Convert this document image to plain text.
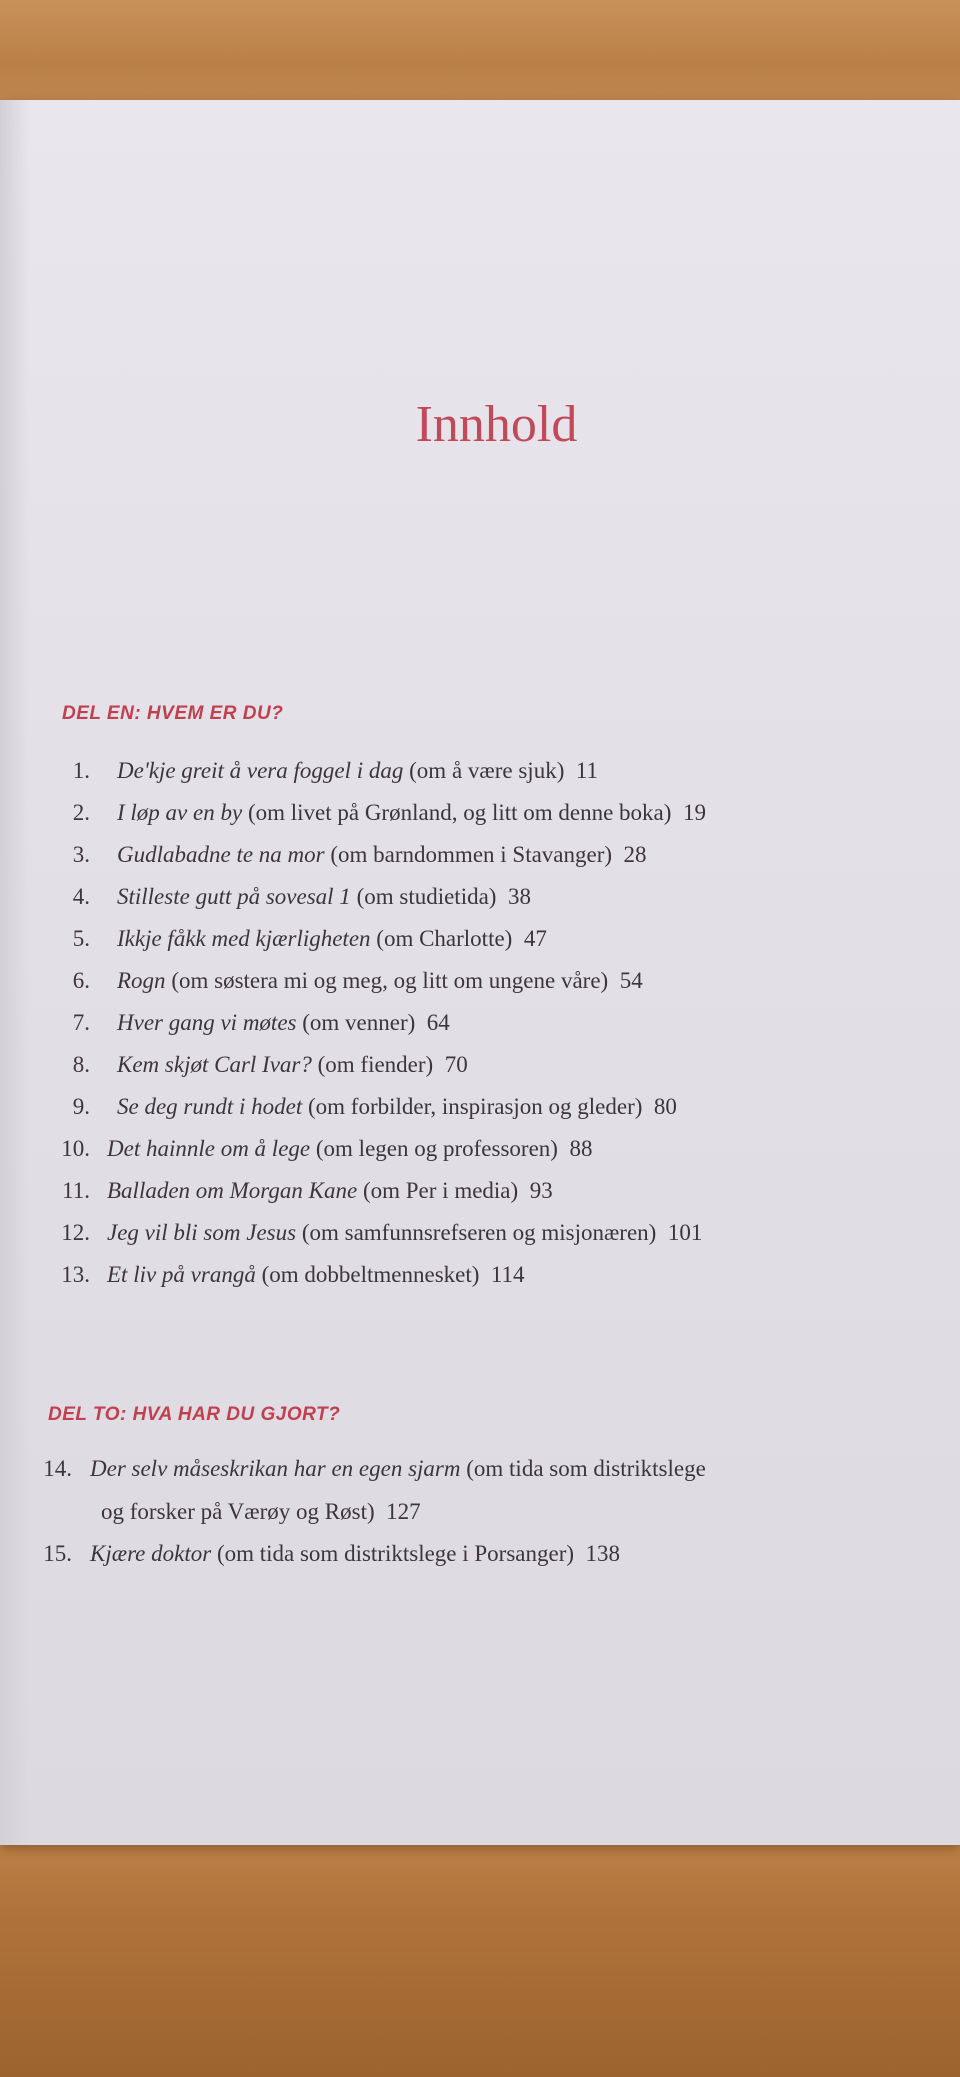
Innhold
DEL EN: HVEM ER DU?
1. De'kje greit å vera foggel i dag (om å være sjuk) 11
2. I løp av en by (om livet på Grønland, og litt om denne boka) 19
3. Gudlabadne te na mor (om barndommen i Stavanger) 28
4. Stilleste gutt på sovesal 1 (om studietida) 38
5. Ikkje fåkk med kjærligheten (om Charlotte) 47
6. Rogn (om søstera mi og meg, og litt om ungene våre) 54
7. Hver gang vi møtes (om venner) 64
8. Kem skjøt Carl Ivar? (om fiender) 70
9. Se deg rundt i hodet (om forbilder, inspirasjon og gleder) 80
10. Det hainnle om å lege (om legen og professoren) 88
11. Balladen om Morgan Kane (om Per i media) 93
12. Jeg vil bli som Jesus (om samfunnsrefseren og misjonæren) 101
13. Et liv på vrangå (om dobbeltmennesket) 114
DEL TO: HVA HAR DU GJORT?
14. Der selv måseskrikan har en egen sjarm (om tida som distriktslege
og forsker på Værøy og Røst) 127
15. Kjære doktor (om tida som distriktslege i Porsanger) 138
